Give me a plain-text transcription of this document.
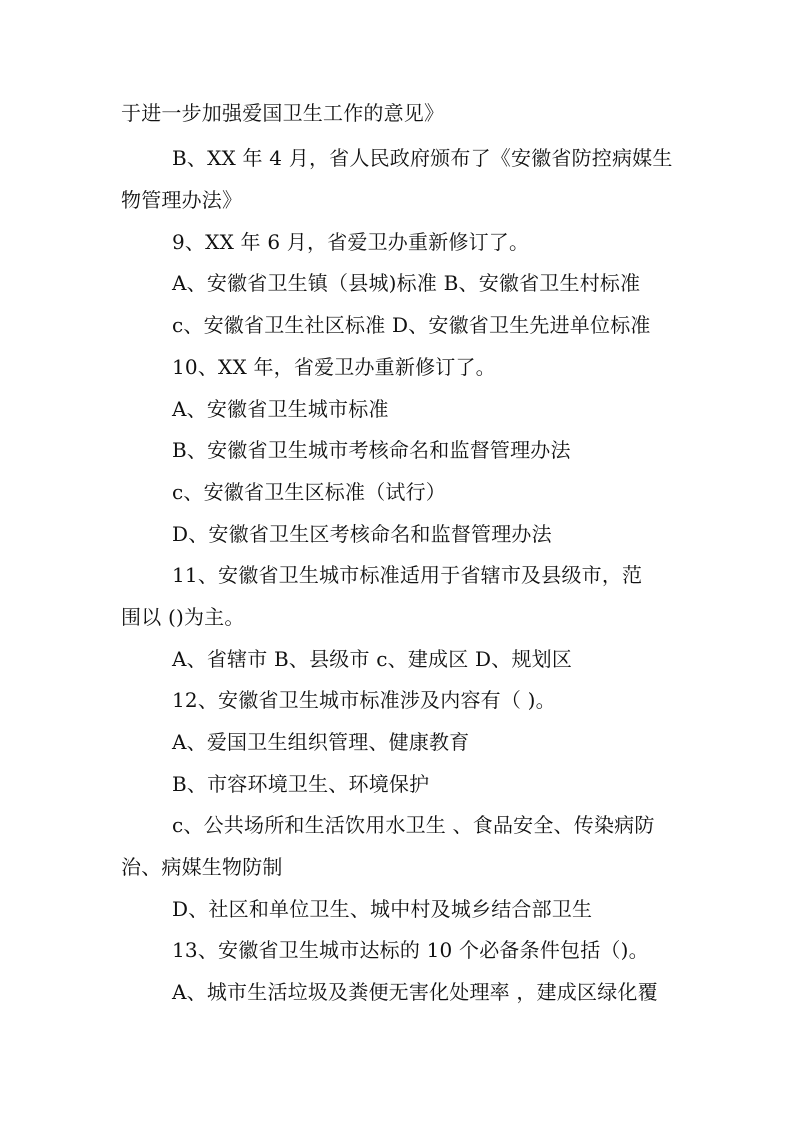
于进一步加强爱国卫生工作的意见》
B、XX 年 4 月，省人民政府颁布了《安徽省防控病媒生
物管理办法》
9、XX 年 6 月，省爱卫办重新修订了。
A、安徽省卫生镇（县城)标准 B、安徽省卫生村标准
c、安徽省卫生社区标准 D、安徽省卫生先进单位标准
10、XX 年，省爱卫办重新修订了。
A、安徽省卫生城市标准
B、安徽省卫生城市考核命名和监督管理办法
c、安徽省卫生区标准（试行）
D、安徽省卫生区考核命名和监督管理办法
11、安徽省卫生城市标准适用于省辖市及县级市，范
围以 ()为主。
A、省辖市 B、县级市 c、建成区 D、规划区
12、安徽省卫生城市标准涉及内容有（ )。
A、爱国卫生组织管理、健康教育
B、市容环境卫生、环境保护
c、公共场所和生活饮用水卫生 、食品安全、传染病防
治、病媒生物防制
D、社区和单位卫生、城中村及城乡结合部卫生
13、安徽省卫生城市达标的 10 个必备条件包括（)。
A、城市生活垃圾及粪便无害化处理率 ，建成区绿化覆
